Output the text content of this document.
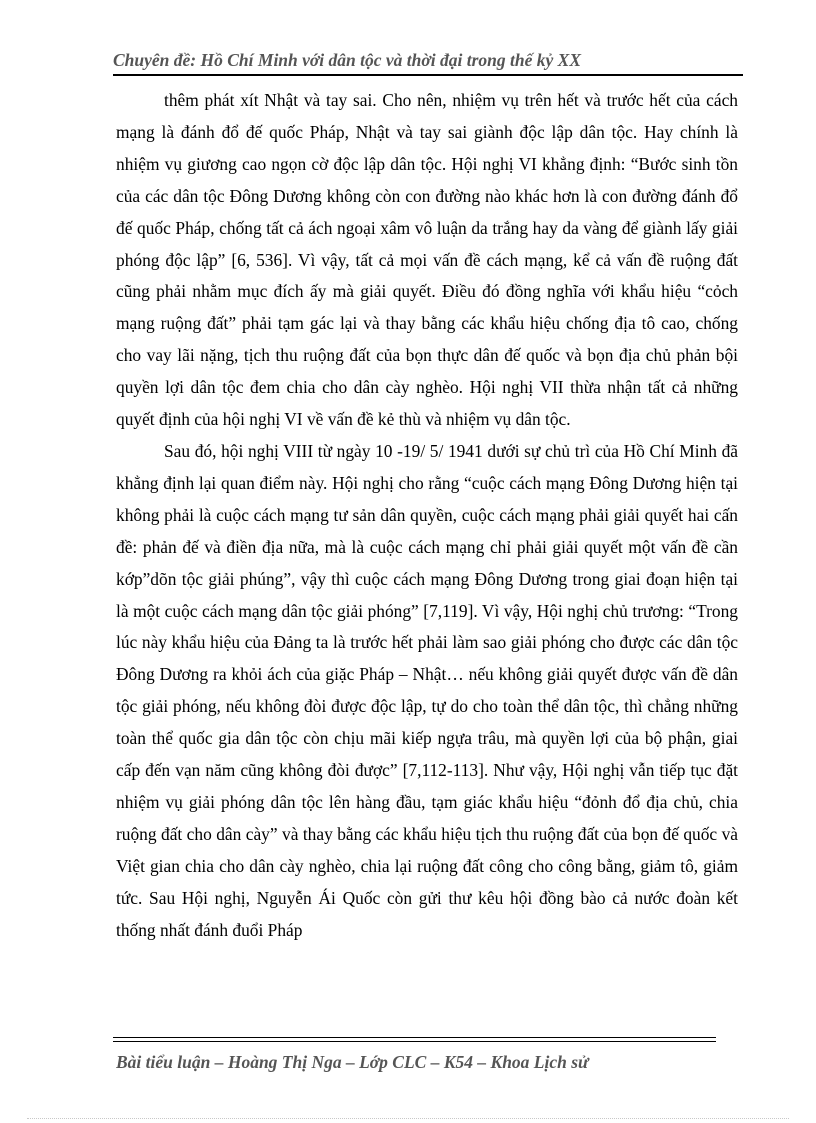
Chuyên đề: Hồ Chí Minh với dân tộc và thời đại trong thế kỷ XX

thêm phát xít Nhật và tay sai. Cho nên, nhiệm vụ trên hết và trước hết của cách mạng là đánh đổ đế quốc Pháp, Nhật và tay sai giành độc lập dân tộc. Hay chính là nhiệm vụ giương cao ngọn cờ độc lập dân tộc. Hội nghị VI khẳng định: “Bước sinh tồn của các dân tộc Đông Dương không còn con đường nào khác hơn là con đường đánh đổ đế quốc Pháp, chống tất cả ách ngoại xâm vô luận da trắng hay da vàng để giành lấy giải phóng độc lập” [6, 536]. Vì vậy, tất cả mọi vấn đề cách mạng, kể cả vấn đề ruộng đất cũng phải nhằm mục đích ấy mà giải quyết. Điều đó đồng nghĩa với khẩu hiệu “cỏch mạng ruộng đất” phải tạm gác lại và thay bằng các khẩu hiệu chống địa tô cao, chống cho vay lãi nặng, tịch thu ruộng đất của bọn thực dân đế quốc và bọn địa chủ phản bội quyền lợi dân tộc đem chia cho dân cày nghèo. Hội nghị VII thừa nhận tất cả những quyết định của hội nghị VI về vấn đề kẻ thù và nhiệm vụ dân tộc.

Sau đó, hội nghị VIII từ ngày 10 -19/ 5/ 1941 dưới sự chủ trì của Hồ Chí Minh đã khẳng định lại quan điểm này. Hội nghị cho rằng “cuộc cách mạng Đông Dương hiện tại không phải là cuộc cách mạng tư sản dân quyền, cuộc cách mạng phải giải quyết hai cấn đề: phản đế và điền địa nữa, mà là cuộc cách mạng chỉ phải giải quyết một vấn đề cần kớp”dõn tộc giải phúng”, vậy thì cuộc cách mạng Đông Dương trong giai đoạn hiện tại là một cuộc cách mạng dân tộc giải phóng” [7,119]. Vì vậy, Hội nghị chủ trương: “Trong lúc này khẩu hiệu của Đảng ta là trước hết phải làm sao giải phóng cho được các dân tộc Đông Dương ra khỏi ách của giặc Pháp – Nhật… nếu không giải quyết được vấn đề dân tộc giải phóng, nếu không đòi được độc lập, tự do cho toàn thể dân tộc, thì chẳng những toàn thể quốc gia dân tộc còn chịu mãi kiếp ngựa trâu, mà quyền lợi của bộ phận, giai cấp đến vạn năm cũng không đòi được” [7,112-113]. Như vậy, Hội nghị vẫn tiếp tục đặt nhiệm vụ giải phóng dân tộc lên hàng đầu, tạm giác khẩu hiệu “đỏnh đổ địa chủ, chia ruộng đất cho dân cày” và thay bằng các khẩu hiệu tịch thu ruộng đất của bọn đế quốc và Việt gian chia cho dân cày nghèo, chia lại ruộng đất công cho công bằng, giảm tô, giảm tức. Sau Hội nghị, Nguyễn Ái Quốc còn gửi thư kêu hội đồng bào cả nước đoàn kết thống nhất đánh đuổi Pháp

Bài tiểu luận – Hoàng Thị Nga – Lớp CLC – K54 – Khoa Lịch sử
